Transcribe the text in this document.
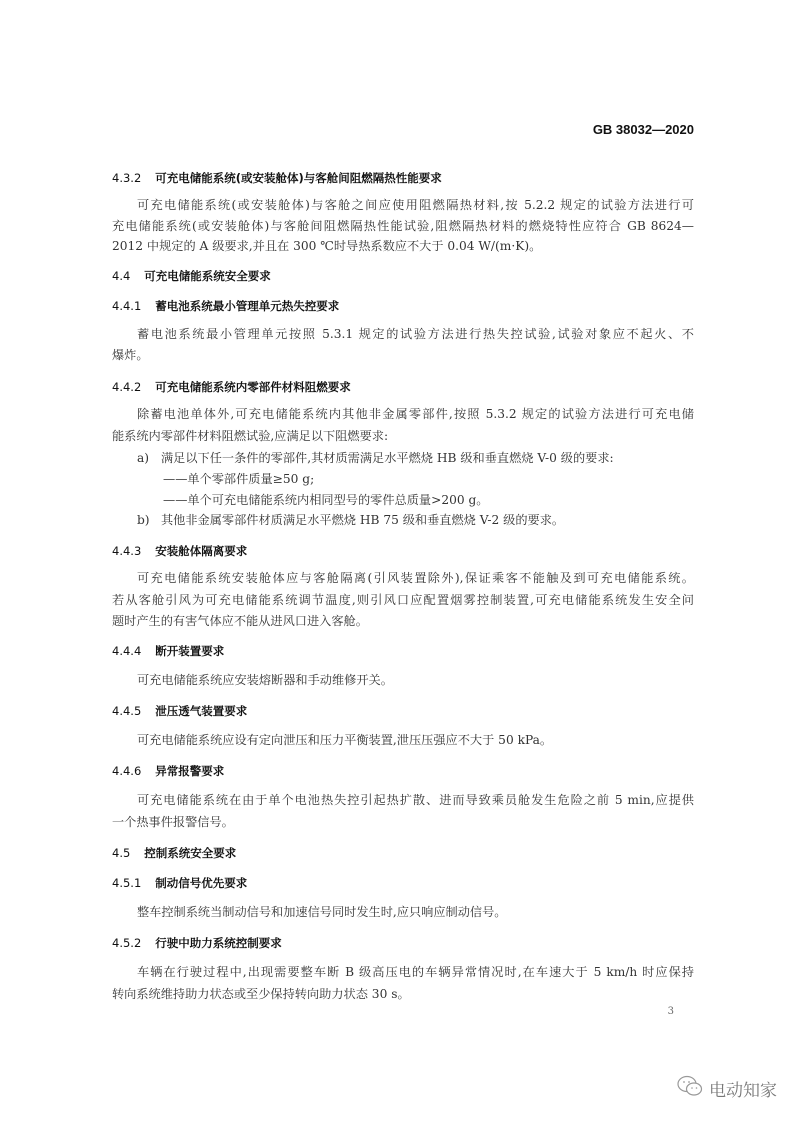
GB 38032—2020
4.3.2 可充电储能系统(或安装舱体)与客舱间阻燃隔热性能要求
可充电储能系统(或安装舱体)与客舱之间应使用阻燃隔热材料,按 5.2.2 规定的试验方法进行可
充电储能系统(或安装舱体)与客舱间阻燃隔热性能试验,阻燃隔热材料的燃烧特性应符合 GB 8624—
2012 中规定的 A 级要求,并且在 300 ℃时导热系数应不大于 0.04 W/(m·K)。
4.4 可充电储能系统安全要求
4.4.1 蓄电池系统最小管理单元热失控要求
蓄电池系统最小管理单元按照 5.3.1 规定的试验方法进行热失控试验,试验对象应不起火、不
爆炸。
4.4.2 可充电储能系统内零部件材料阻燃要求
除蓄电池单体外,可充电储能系统内其他非金属零部件,按照 5.3.2 规定的试验方法进行可充电储
能系统内零部件材料阻燃试验,应满足以下阻燃要求:
a) 满足以下任一条件的零部件,其材质需满足水平燃烧 HB 级和垂直燃烧 V-0 级的要求:
——单个零部件质量≥50 g;
——单个可充电储能系统内相同型号的零件总质量>200 g。
b) 其他非金属零部件材质满足水平燃烧 HB 75 级和垂直燃烧 V-2 级的要求。
4.4.3 安装舱体隔离要求
可充电储能系统安装舱体应与客舱隔离(引风装置除外),保证乘客不能触及到可充电储能系统。
若从客舱引风为可充电储能系统调节温度,则引风口应配置烟雾控制装置,可充电储能系统发生安全问
题时产生的有害气体应不能从进风口进入客舱。
4.4.4 断开装置要求
可充电储能系统应安装熔断器和手动维修开关。
4.4.5 泄压透气装置要求
可充电储能系统应设有定向泄压和压力平衡装置,泄压压强应不大于 50 kPa。
4.4.6 异常报警要求
可充电储能系统在由于单个电池热失控引起热扩散、进而导致乘员舱发生危险之前 5 min,应提供
一个热事件报警信号。
4.5 控制系统安全要求
4.5.1 制动信号优先要求
整车控制系统当制动信号和加速信号同时发生时,应只响应制动信号。
4.5.2 行驶中助力系统控制要求
车辆在行驶过程中,出现需要整车断 B 级高压电的车辆异常情况时,在车速大于 5 km/h 时应保持
转向系统维持助力状态或至少保持转向助力状态 30 s。
3
电动知家
